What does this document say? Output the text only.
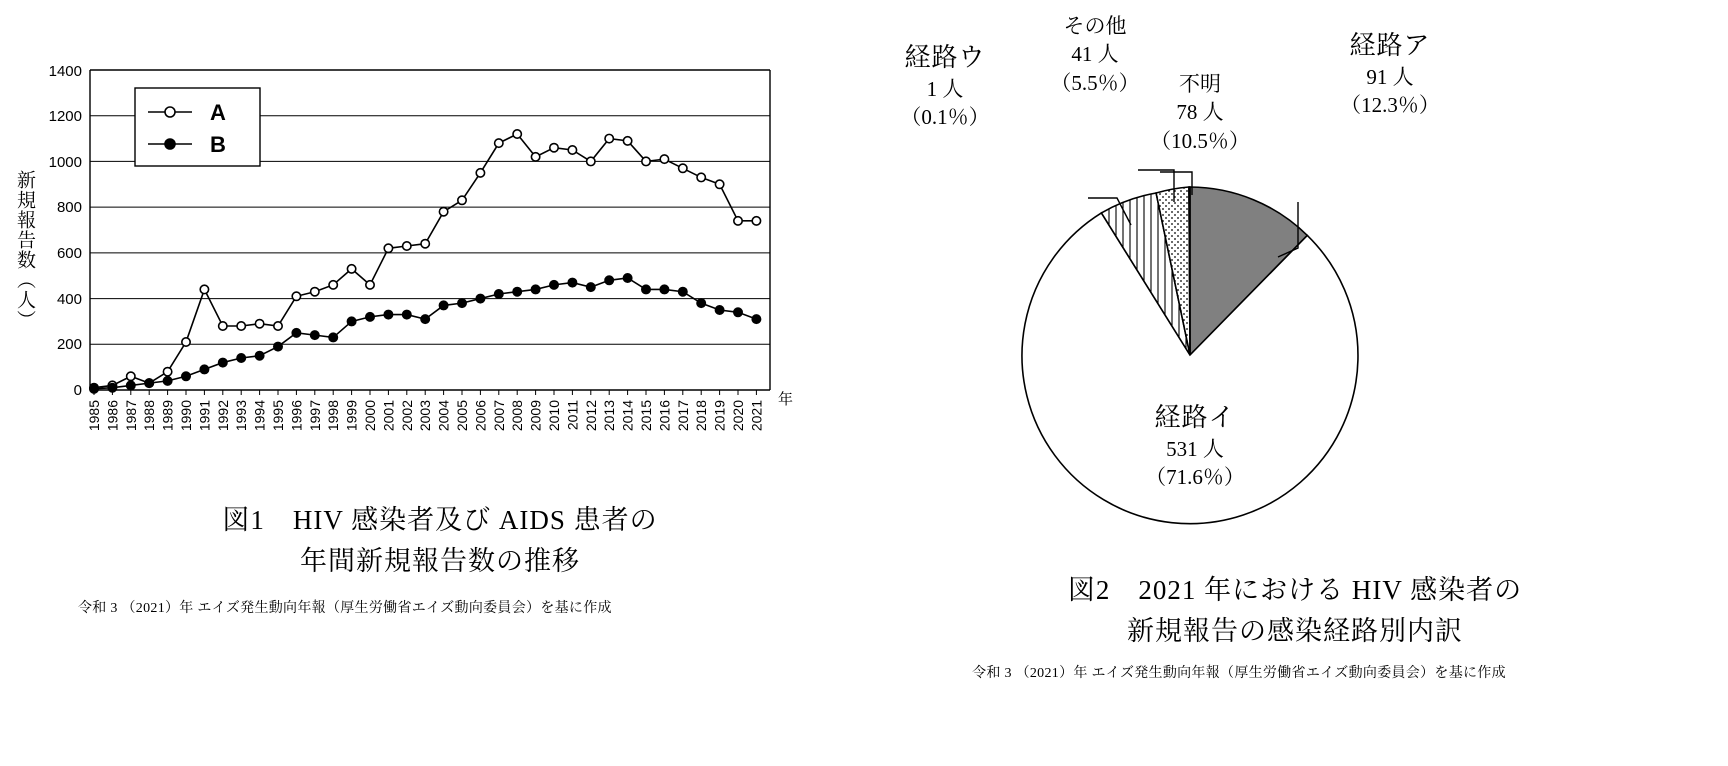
新規報告数（人）
1400
1200
1000
800
600
400
200
0
1985 1986 1987 1988 1989 1990 1991 1992 1993 1994 1995 1996 1997 1998 1999 2000 2001 2002 2003 2004 2005 2006 2007 2008 2009 2010 2011 2012 2013 2014 2015 2016 2017 2018 2019 2020 2021
年
A
B
図1　HIV 感染者及び AIDS 患者の
年間新規報告数の推移
令和 3 （2021）年 エイズ発生動向年報（厚生労働省エイズ動向委員会）を基に作成
経路ア
91 人
（12.3％）
経路ウ
1 人
（0.1％）
その他
41 人
（5.5％）	不明
78 人
（10.5％）
経路イ
531 人
（71.6％）
図2　2021 年における HIV 感染者の
新規報告の感染経路別内訳
令和 3 （2021）年 エイズ発生動向年報（厚生労働省エイズ動向委員会）を基に作成
